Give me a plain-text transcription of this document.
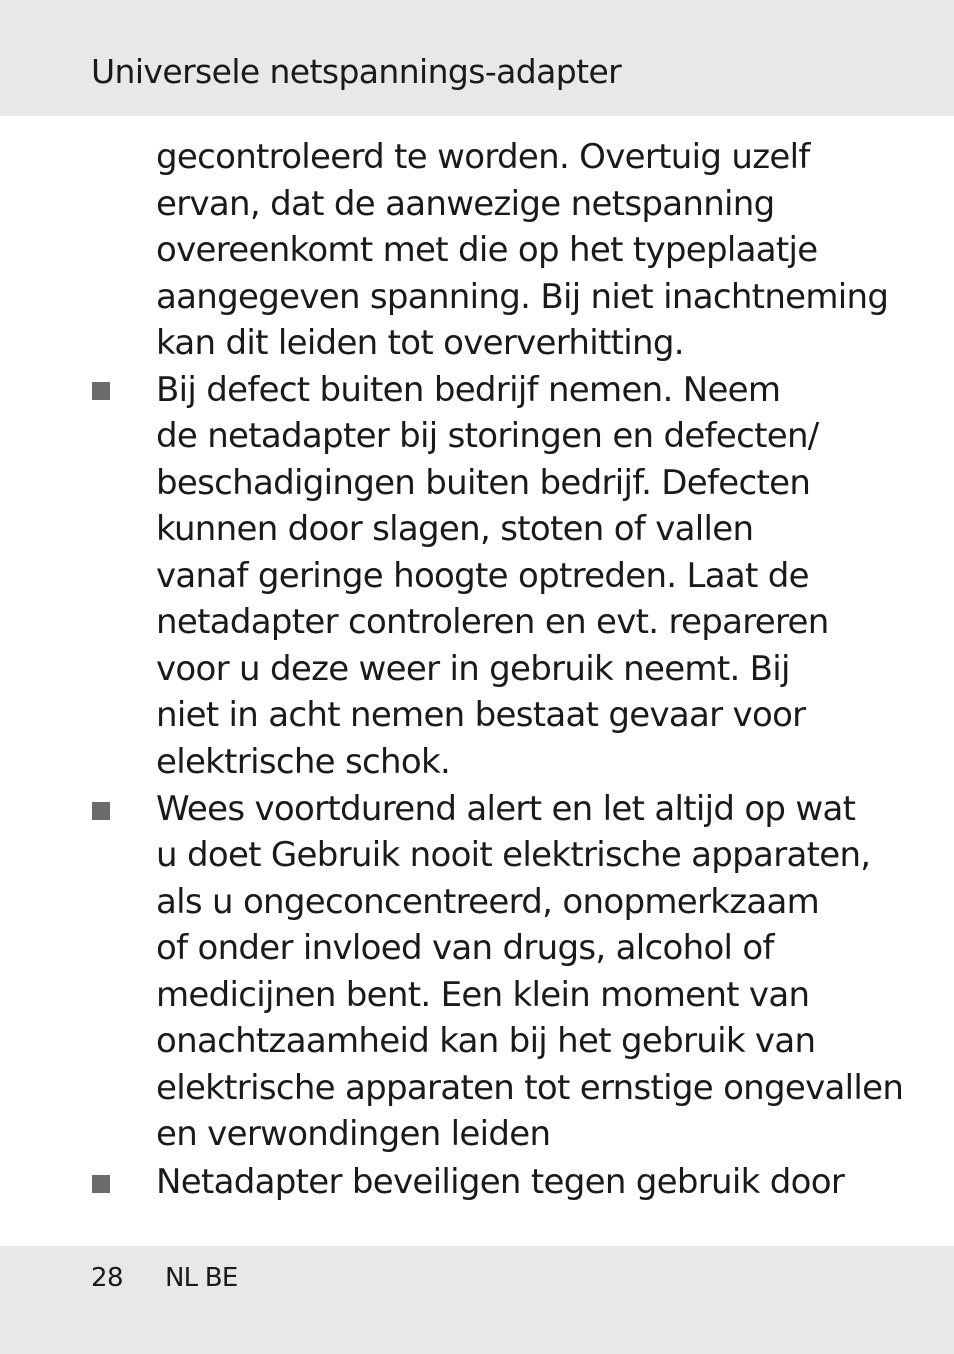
Universele netspannings-adapter
gecontroleerd te worden. Overtuig uzelf
ervan, dat de aanwezige netspanning
overeenkomt met die op het typeplaatje
aangegeven spanning. Bij niet inachtneming
kan dit leiden tot oververhitting.
Bij defect buiten bedrijf nemen. Neem
de netadapter bij storingen en defecten/
beschadigingen buiten bedrijf. Defecten
kunnen door slagen, stoten of vallen
vanaf geringe hoogte optreden. Laat de
netadapter controleren en evt. repareren
voor u deze weer in gebruik neemt. Bij
niet in acht nemen bestaat gevaar voor
elektrische schok.
Wees voortdurend alert en let altijd op wat
u doet Gebruik nooit elektrische apparaten,
als u ongeconcentreerd, onopmerkzaam
of onder invloed van drugs, alcohol of
medicijnen bent. Een klein moment van
onachtzaamheid kan bij het gebruik van
elektrische apparaten tot ernstige ongevallen
en verwondingen leiden
Netadapter beveiligen tegen gebruik door
28 NL BE
